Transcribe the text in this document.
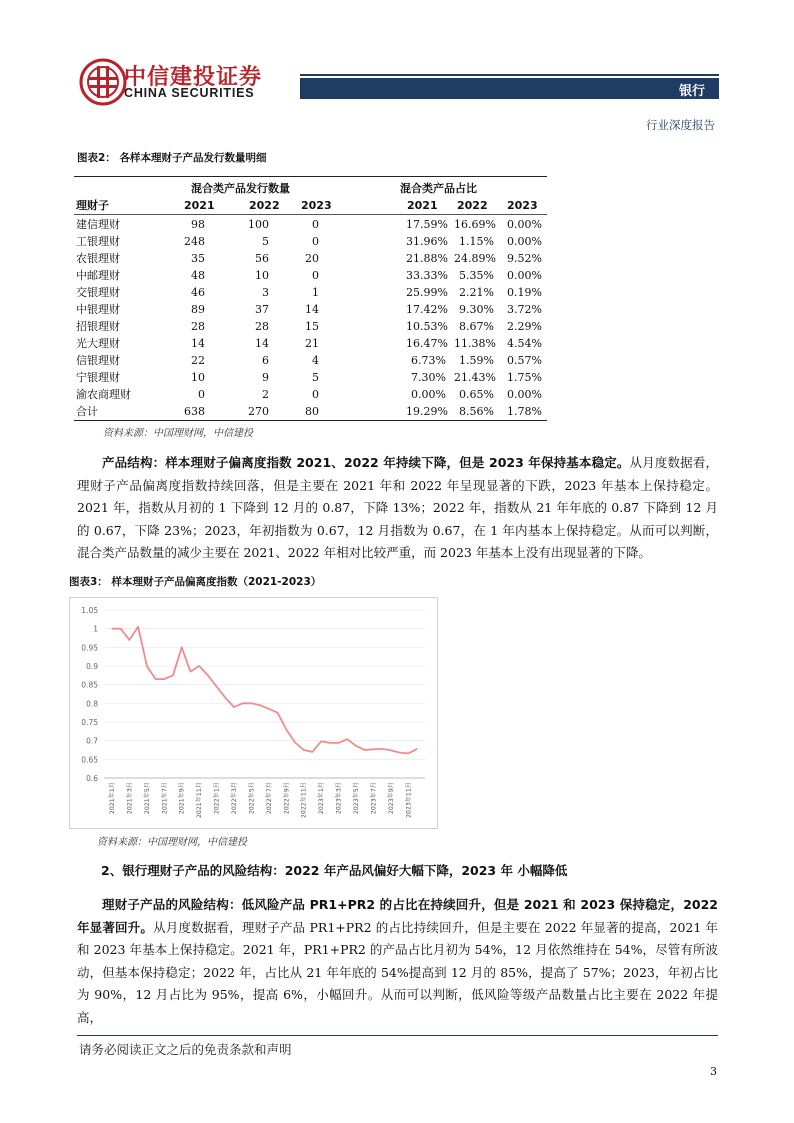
中信建投证券
CHINA SECURITIES	银行
行业深度报告
图表2： 各样本理财子产品发行数量明细
混合类产品发行数量	混合类产品占比
理财子	2021	2022 2023	2021 2022 2023
建信理财	98	100	0	17.59% 16.69%	0.00%
工银理财	248	5	0	31.96%	1.15%	0.00%
农银理财	35	56	20	21.88% 24.89%	9.52%
中邮理财	48	10	0	33.33%	5.35%	0.00%
交银理财	46	3	1	25.99%	2.21%	0.19%
中银理财	89	37	14	17.42%	9.30%	3.72%
招银理财	28	28	15	10.53%	8.67%	2.29%
光大理财	14	14	21	16.47% 11.38%	4.54%
信银理财	22	6	4	6.73%	1.59%	0.57%
宁银理财	10	9	5	7.30% 21.43%	1.75%
渝农商理财	0	2	0	0.00%	0.65%	0.00%
合计	638	270	80	19.29%	8.56%	1.78%
资料来源：中国理财网，中信建投
产品结构：样本理财子偏离度指数 2021、2022 年持续下降，但是 2023 年保持基本稳定。从月度数据看，理财子产品偏离度指数持续回落，但是主要在 2021 年和 2022 年呈现显著的下跌，2023 年基本上保持稳定。2021 年，指数从月初的 1 下降到 12 月的 0.87，下降 13%；2022 年，指数从 21 年年底的 0.87 下降到 12 月的 0.67，下降 23%；2023，年初指数为 0.67，12 月指数为 0.67，在 1 年内基本上保持稳定。从而可以判断，混合类产品数量的减少主要在 2021、2022 年相对比较严重，而 2023 年基本上没有出现显著的下降。
图表3： 样本理财子产品偏离度指数（2021-2023）
1.05
1
0.95
0.9
0.85
0.8
0.75
0.7
0.65
0.6
2021年1月 2021年3月 2021年5月 2021年7月 2021年9月 2021年11月 2022年1月 2022年3月 2022年5月 2022年7月 2022年9月 2022年11月 2023年1月 2023年3月 2023年5月 2023年7月 2023年9月 2023年11月
资料来源：中国理财网，中信建投
2、银行理财子产品的风险结构：2022 年产品风偏好大幅下降，2023 年 小幅降低
理财子产品的风险结构：低风险产品 PR1+PR2 的占比在持续回升，但是 2021 和 2023 保持稳定，2022 年显著回升。从月度数据看，理财子产品 PR1+PR2 的占比持续回升，但是主要在 2022 年显著的提高，2021 年和 2023 年基本上保持稳定。2021 年，PR1+PR2 的产品占比月初为 54%，12 月依然维持在 54%，尽管有所波动，但基本保持稳定；2022 年，占比从 21 年年底的 54%提高到 12 月的 85%，提高了 57%；2023，年初占比为 90%，12 月占比为 95%，提高 6%，小幅回升。从而可以判断，低风险等级产品数量占比主要在 2022 年提高，
请务必阅读正文之后的免责条款和声明
3
